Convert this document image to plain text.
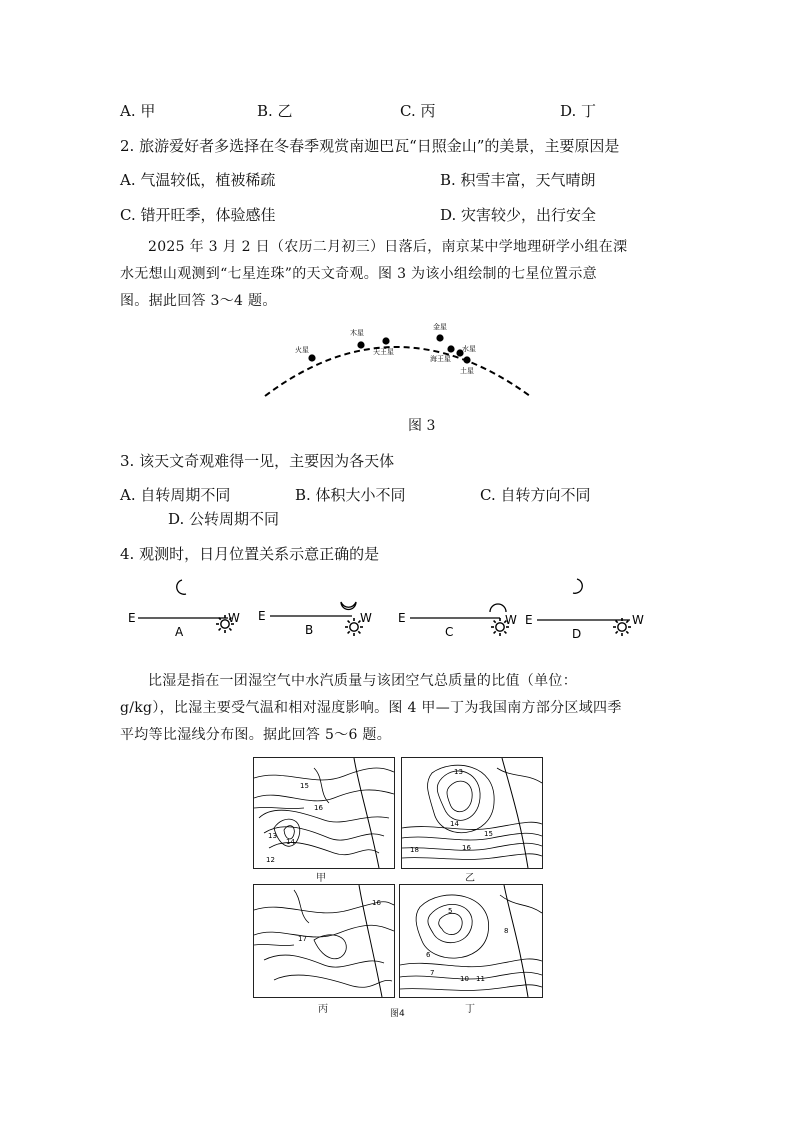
A. 甲	B. 乙	C. 丙	D. 丁
2. 旅游爱好者多选择在冬春季观赏南迦巴瓦“日照金山”的美景，主要原因是
A. 气温较低，植被稀疏	B. 积雪丰富，天气晴朗
C. 错开旺季，体验感佳	D. 灾害较少，出行安全
2025 年 3 月 2 日（农历二月初三）日落后，南京某中学地理研学小组在溧
水无想山观测到“七星连珠”的天文奇观。图 3 为该小组绘制的七星位置示意
图。据此回答 3～4 题。
火星
木星
天王星
金星
海王星
水星
土星
图 3
3. 该天文奇观难得一见，主要因为各天体
A. 自转周期不同	B. 体积大小不同	C. 自转方向不同
D. 公转周期不同
4. 观测时，日月位置关系示意正确的是
E	W
A
E	W
B
E	W
C
E	W
D
比湿是指在一团湿空气中水汽质量与该团空气总质量的比值（单位：
g/kg），比湿主要受气温和相对湿度影响。图 4 甲—丁为我国南方部分区域四季
平均等比湿线分布图。据此回答 5～6 题。
12
13
14
15
16
13
14
15
16
18
甲	乙
16
17
5
6
7
8
10 11
丙	图4	丁
